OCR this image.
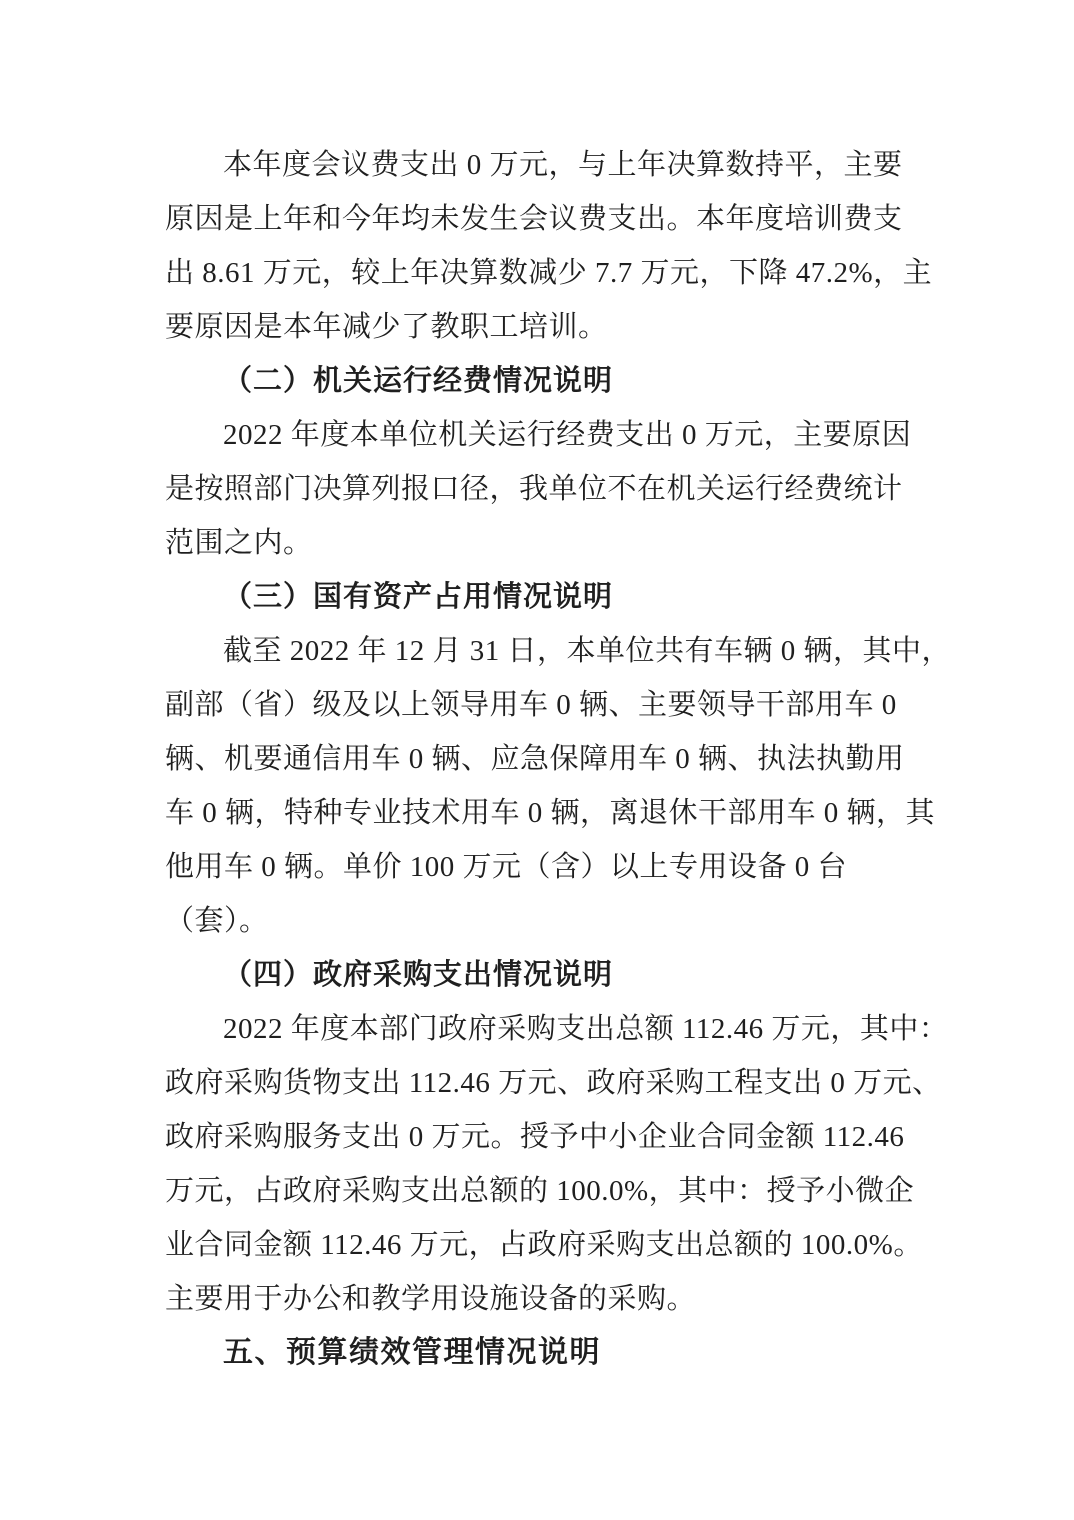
本年度会议费支出 0 万元，与上年决算数持平，主要
原因是上年和今年均未发生会议费支出。本年度培训费支
出 8.61 万元，较上年决算数减少 7.7 万元，下降 47.2%，主
要原因是本年减少了教职工培训。
（二）机关运行经费情况说明
2022 年度本单位机关运行经费支出 0 万元，主要原因
是按照部门决算列报口径，我单位不在机关运行经费统计
范围之内。
（三）国有资产占用情况说明
截至 2022 年 12 月 31 日，本单位共有车辆 0 辆，其中，
副部（省）级及以上领导用车 0 辆、主要领导干部用车 0
辆、机要通信用车 0 辆、应急保障用车 0 辆、执法执勤用
车 0 辆，特种专业技术用车 0 辆，离退休干部用车 0 辆，其
他用车 0 辆。单价 100 万元（含）以上专用设备 0 台
（套）。
（四）政府采购支出情况说明
2022 年度本部门政府采购支出总额 112.46 万元，其中：
政府采购货物支出 112.46 万元、政府采购工程支出 0 万元、
政府采购服务支出 0 万元。授予中小企业合同金额 112.46
万元，占政府采购支出总额的 100.0%，其中：授予小微企
业合同金额 112.46 万元，占政府采购支出总额的 100.0%。
主要用于办公和教学用设施设备的采购。
五、预算绩效管理情况说明
